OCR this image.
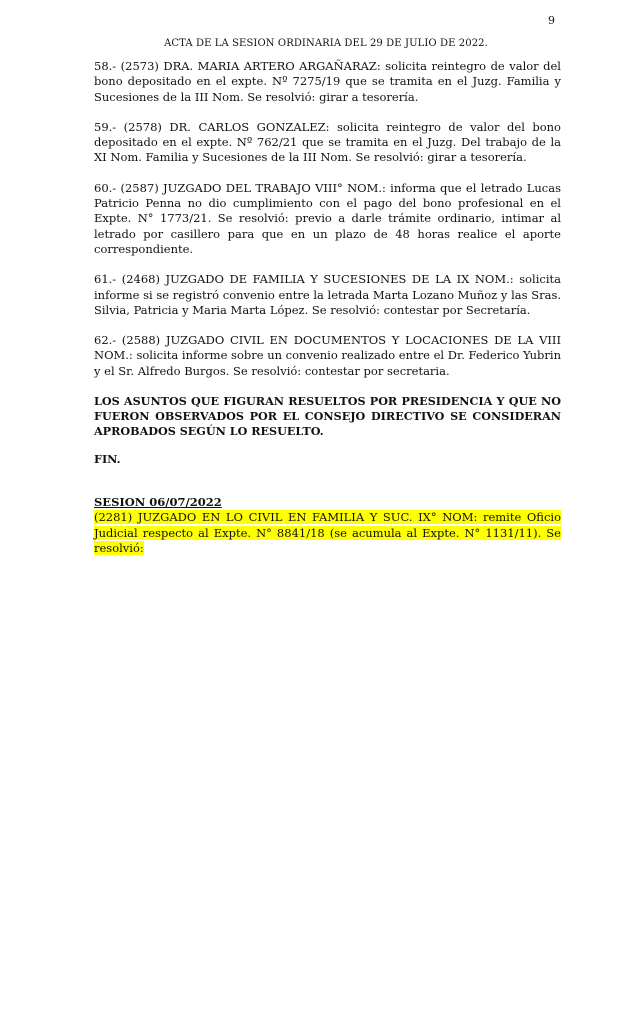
9
ACTA DE LA SESION ORDINARIA DEL 29 DE JULIO DE 2022.

58.- (2573) DRA. MARIA ARTERO ARGAÑARAZ: solicita reintegro de valor del bono depositado en el expte. Nº 7275/19 que se tramita en el Juzg. Familia y Sucesiones de la III Nom. Se resolvió: girar a tesorería.

59.- (2578) DR. CARLOS GONZALEZ: solicita reintegro de valor del bono depositado en el expte. Nº 762/21 que se tramita en el Juzg. Del trabajo de la XI Nom. Familia y Sucesiones de la III Nom. Se resolvió: girar a tesorería.

60.- (2587) JUZGADO DEL TRABAJO VIII° NOM.: informa que el letrado Lucas Patricio Penna no dio cumplimiento con el pago del bono profesional en el Expte. N° 1773/21. Se resolvió: previo a darle trámite ordinario, intimar al letrado por casillero para que en un plazo de 48 horas realice el aporte correspondiente.

61.- (2468) JUZGADO DE FAMILIA Y SUCESIONES DE LA IX NOM.: solicita informe si se registró convenio entre la letrada Marta Lozano Muñoz y las Sras. Silvia, Patricia y Maria Marta López. Se resolvió: contestar por Secretaría.

62.- (2588) JUZGADO CIVIL EN DOCUMENTOS Y LOCACIONES DE LA VIII NOM.: solicita informe sobre un convenio realizado entre el Dr. Federico Yubrin y el Sr. Alfredo Burgos. Se resolvió: contestar por secretaria.

LOS ASUNTOS QUE FIGURAN RESUELTOS POR PRESIDENCIA Y QUE NO FUERON OBSERVADOS POR EL CONSEJO DIRECTIVO SE CONSIDERAN APROBADOS SEGÚN LO RESUELTO.

FIN.

SESION 06/07/2022

(2281) JUZGADO EN LO CIVIL EN FAMILIA Y SUC. IX° NOM: remite Oficio Judicial respecto al Expte. N° 8841/18 (se acumula al Expte. N° 1131/11). Se resolvió:
